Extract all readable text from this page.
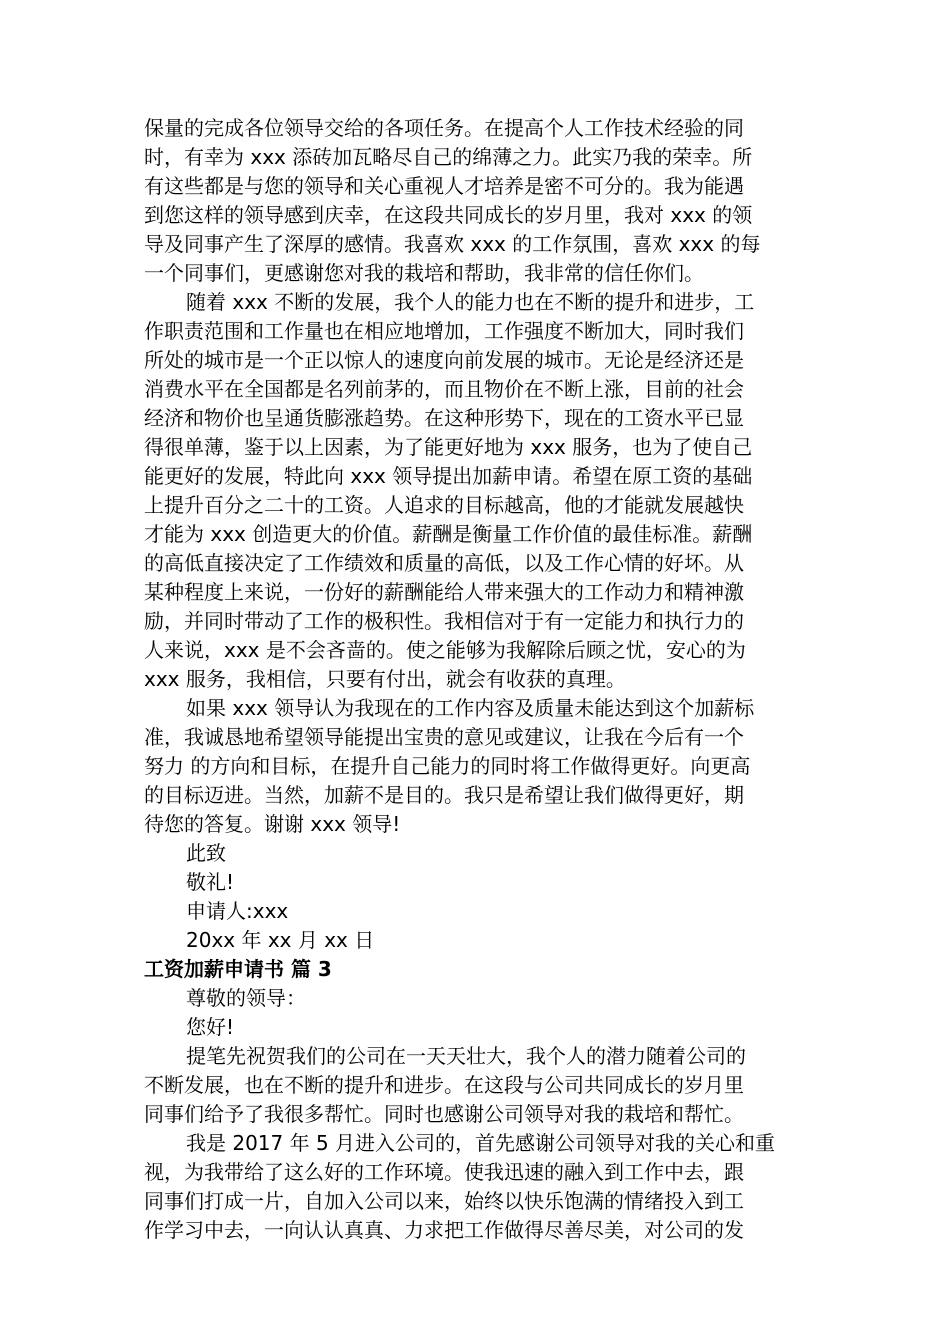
保量的完成各位领导交给的各项任务。在提高个人工作技术经验的同
时，有幸为 xxx 添砖加瓦略尽自己的绵薄之力。此实乃我的荣幸。所
有这些都是与您的领导和关心重视人才培养是密不可分的。我为能遇
到您这样的领导感到庆幸，在这段共同成长的岁月里，我对 xxx 的领
导及同事产生了深厚的感情。我喜欢 xxx 的工作氛围，喜欢 xxx 的每
一个同事们，更感谢您对我的栽培和帮助，我非常的信任你们。
随着 xxx 不断的发展，我个人的能力也在不断的提升和进步，工
作职责范围和工作量也在相应地增加，工作强度不断加大，同时我们
所处的城市是一个正以惊人的速度向前发展的城市。无论是经济还是
消费水平在全国都是名列前茅的，而且物价在不断上涨，目前的社会
经济和物价也呈通货膨涨趋势。在这种形势下，现在的工资水平已显
得很单薄，鉴于以上因素，为了能更好地为 xxx 服务，也为了使自己
能更好的发展，特此向 xxx 领导提出加薪申请。希望在原工资的基础
上提升百分之二十的工资。人追求的目标越高，他的才能就发展越快
才能为 xxx 创造更大的价值。薪酬是衡量工作价值的最佳标准。薪酬
的高低直接决定了工作绩效和质量的高低，以及工作心情的好坏。从
某种程度上来说，一份好的薪酬能给人带来强大的工作动力和精神激
励，并同时带动了工作的极积性。我相信对于有一定能力和执行力的
人来说，xxx 是不会吝啬的。使之能够为我解除后顾之忧，安心的为
xxx 服务，我相信，只要有付出，就会有收获的真理。
如果 xxx 领导认为我现在的工作内容及质量未能达到这个加薪标
准，我诚恳地希望领导能提出宝贵的意见或建议，让我在今后有一个
努力 的方向和目标，在提升自己能力的同时将工作做得更好。向更高
的目标迈进。当然，加薪不是目的。我只是希望让我们做得更好，期
待您的答复。谢谢 xxx 领导!
此致
敬礼!
申请人:xxx
20xx 年 xx 月 xx 日
工资加薪申请书 篇 3
尊敬的领导：
您好!
提笔先祝贺我们的公司在一天天壮大，我个人的潜力随着公司的
不断发展，也在不断的提升和进步。在这段与公司共同成长的岁月里
同事们给予了我很多帮忙。同时也感谢公司领导对我的栽培和帮忙。
我是 2017 年 5 月进入公司的，首先感谢公司领导对我的关心和重
视，为我带给了这么好的工作环境。使我迅速的融入到工作中去，跟
同事们打成一片，自加入公司以来，始终以快乐饱满的情绪投入到工
作学习中去，一向认认真真、力求把工作做得尽善尽美，对公司的发
